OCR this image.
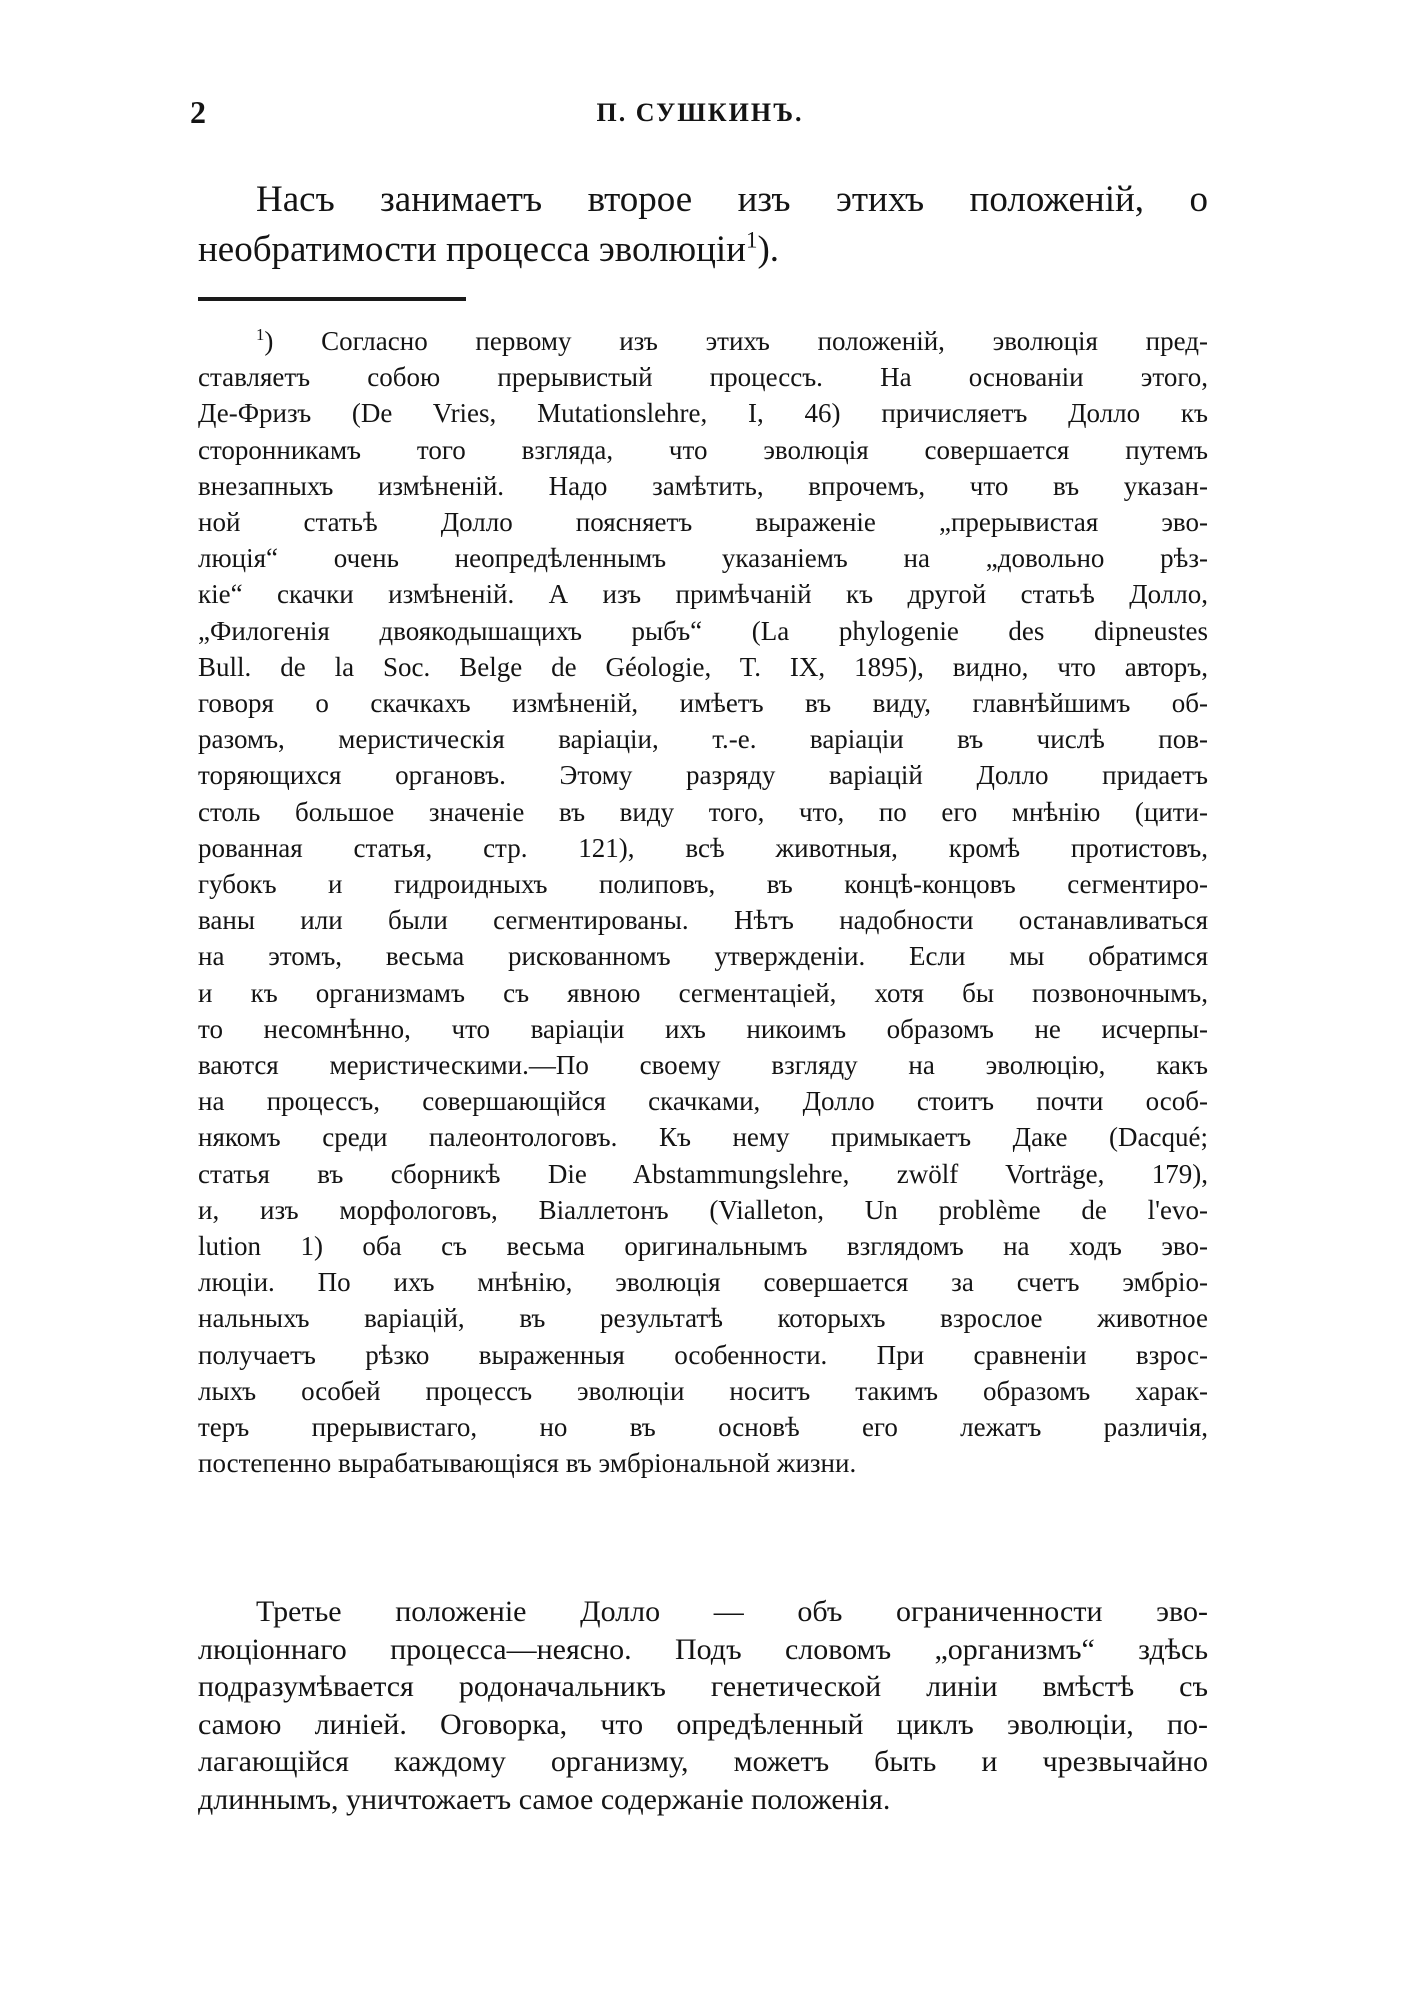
2	П. СУШКИНЪ.
Насъ занимаетъ второе изъ этихъ положеній, о
необратимости процесса эволюціи$^1$).
$^1$) Согласно первому изъ этихъ положеній, эволюція пред-
ставляетъ собою прерывистый процессъ. На основаніи этого,
Де-Фризъ (De Vries, Mutationslehre, I, 46) причисляетъ Долло къ
сторонникамъ того взгляда, что эволюція совершается путемъ
внезапныхъ измѣненій. Надо замѣтить, впрочемъ, что въ указан-
ной статьѣ Долло поясняетъ выраженіе „прерывистая эво-
люція“ очень неопредѣленнымъ указаніемъ на „довольно рѣз-
кіе“ скачки измѣненій. А изъ примѣчаній къ другой статьѣ Долло,
„Филогенія двоякодышащихъ рыбъ“ (La phylogenie des dipneustes
Bull. de la Soc. Belge de Géologie, T. IX, 1895), видно, что авторъ,
говоря о скачкахъ измѣненій, имѣетъ въ виду, главнѣйшимъ об-
разомъ, меристическія варіаціи, т.-е. варіаціи въ числѣ пов-
торяющихся органовъ. Этому разряду варіацій Долло придаетъ
столь большое значеніе въ виду того, что, по его мнѣнію (цити-
рованная статья, стр. 121), всѣ животныя, кромѣ протистовъ,
губокъ и гидроидныхъ полиповъ, въ концѣ-концовъ сегментиро-
ваны или были сегментированы. Нѣтъ надобности останавливаться
на этомъ, весьма рискованномъ утвержденіи. Если мы обратимся
и къ организмамъ съ явною сегментаціей, хотя бы позвоночнымъ,
то несомнѣнно, что варіаціи ихъ никоимъ образомъ не исчерпы-
ваются меристическими.—По своему взгляду на эволюцію, какъ
на процессъ, совершающійся скачками, Долло стоитъ почти особ-
някомъ среди палеонтологовъ. Къ нему примыкаетъ Даке (Dacqué;
статья въ сборникѣ Die Abstammungslehre, zwölf Vorträge, 179),
и, изъ морфологовъ, Віаллетонъ (Vialleton, Un problème de l'evo-
lution 1) оба съ весьма оригинальнымъ взглядомъ на ходъ эво-
люціи. По ихъ мнѣнію, эволюція совершается за счетъ эмбріо-
нальныхъ варіацій, въ результатѣ которыхъ взрослое животное
получаетъ рѣзко выраженныя особенности. При сравненіи взрос-
лыхъ особей процессъ эволюціи носитъ такимъ образомъ харак-
теръ прерывистаго, но въ основѣ его лежатъ различія,
постепенно вырабатывающіяся въ эмбріональной жизни.
Третье положеніе Долло — объ ограниченности эво-
люціоннаго процесса—неясно. Подъ словомъ „организмъ“ здѣсь
подразумѣвается родоначальникъ генетической линіи вмѣстѣ съ
самою линіей. Оговорка, что опредѣленный циклъ эволюціи, по-
лагающійся каждому организму, можетъ быть и чрезвычайно
длиннымъ, уничтожаетъ самое содержаніе положенія.
